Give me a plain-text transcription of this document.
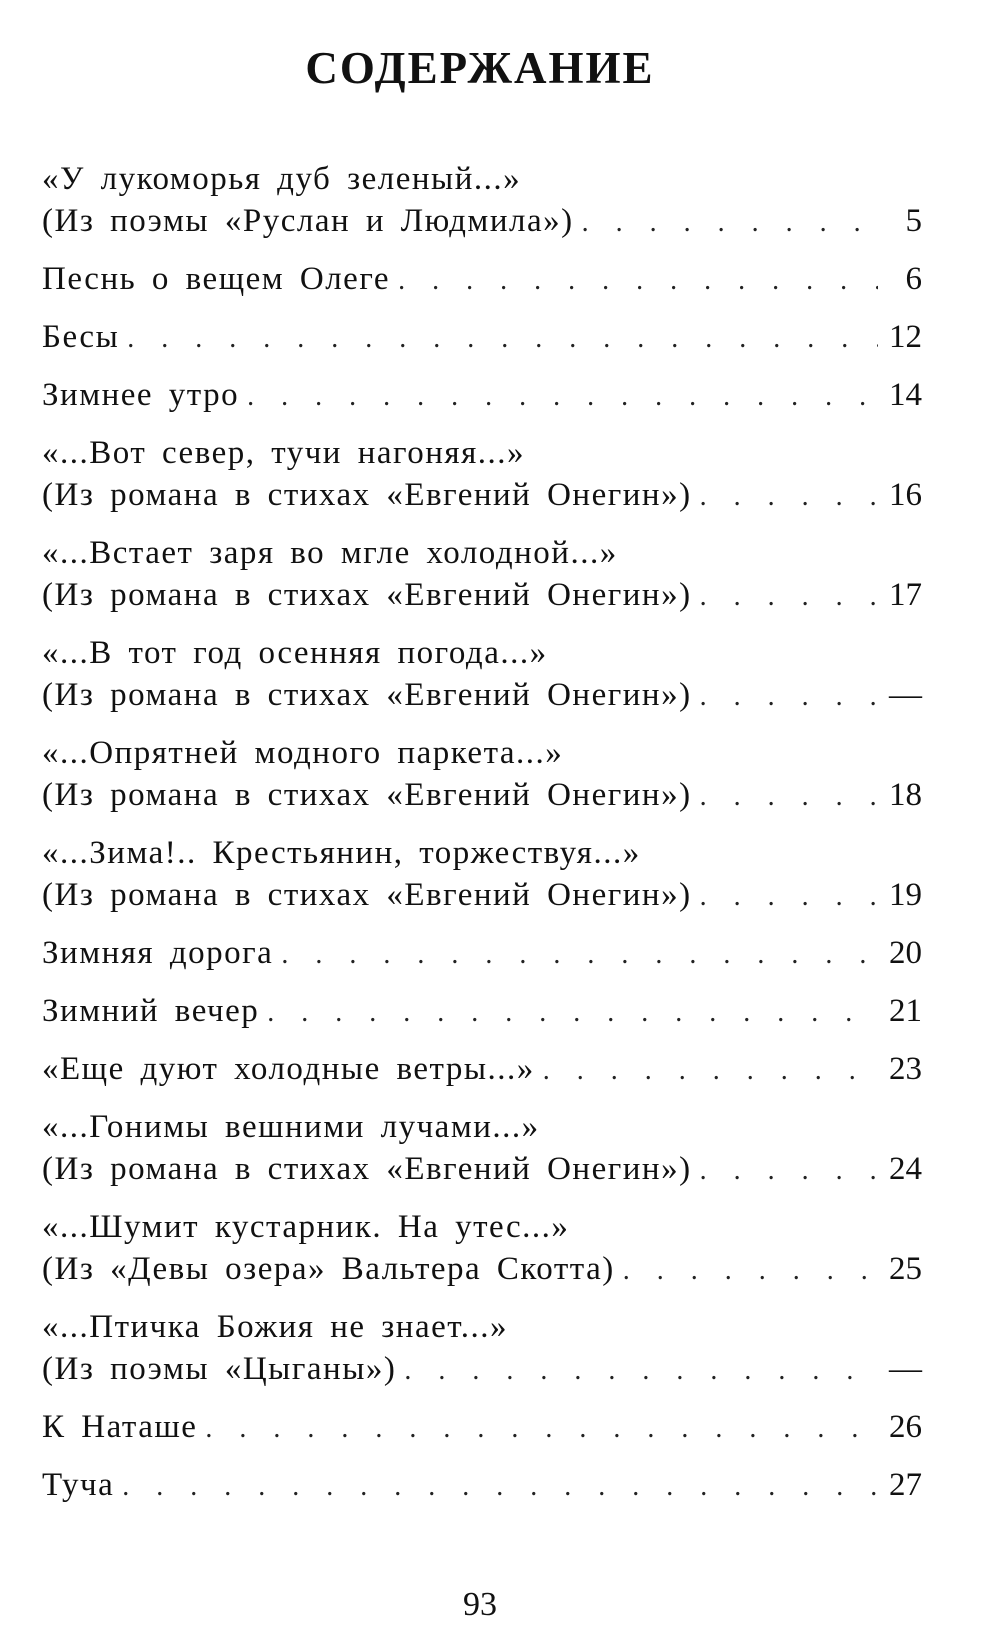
СОДЕРЖАНИЕ
«У лукоморья дуб зеленый...»
(Из поэмы «Руслан и Людмила») . . .	5
Песнь о вещем Олеге . . .	6
Бесы . . .	12
Зимнее утро . . .	14
«...Вот север, тучи нагоняя...»
(Из романа в стихах «Евгений Онегин») . . .	16
«...Встает заря во мгле холодной...»
(Из романа в стихах «Евгений Онегин») . . .	17
«...В тот год осенняя погода...»
(Из романа в стихах «Евгений Онегин») . . .	—
«...Опрятней модного паркета...»
(Из романа в стихах «Евгений Онегин») . . .	18
«...Зима!.. Крестьянин, торжествуя...»
(Из романа в стихах «Евгений Онегин») . . .	19
Зимняя дорога . . .	20
Зимний вечер . . .	21
«Еще дуют холодные ветры...» . . .	23
«...Гонимы вешними лучами...»
(Из романа в стихах «Евгений Онегин») . . .	24
«...Шумит кустарник. На утес...»
(Из «Девы озера» Вальтера Скотта) . . .	25
«...Птичка Божия не знает...»
(Из поэмы «Цыганы») . . .	—
К Наташе . . .	26
Туча . . .	27
93
